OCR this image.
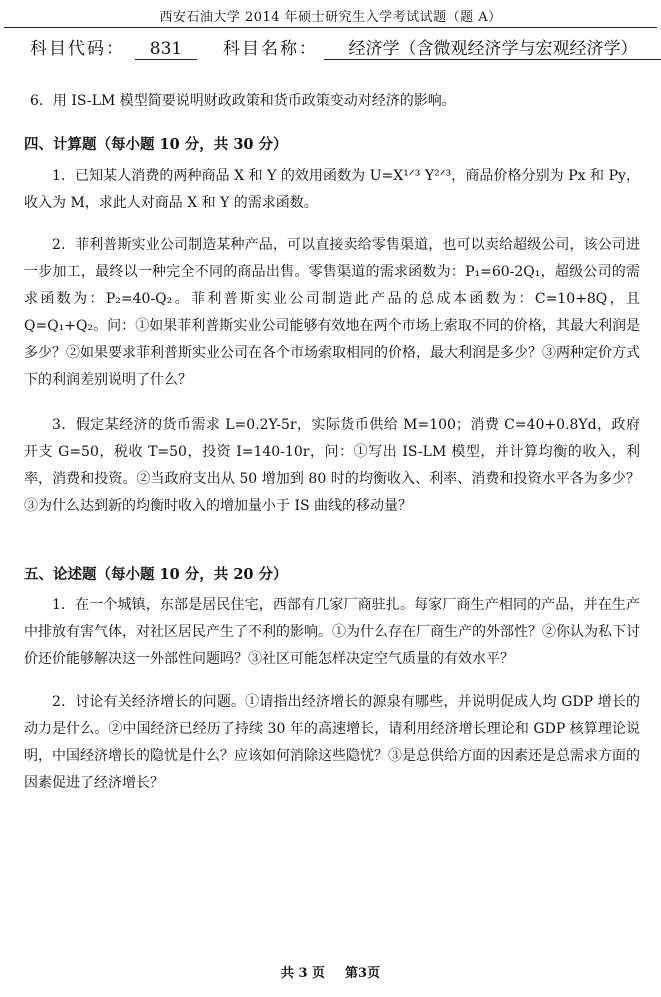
西安石油大学 2014 年硕士研究生入学考试试题（题 A）
科目代码： 831 科目名称： 经济学（含微观经济学与宏观经济学）
6．用 IS-LM 模型简要说明财政政策和货币政策变动对经济的影响。
四、计算题（每小题 10 分，共 30 分）
1．已知某人消费的两种商品 X 和 Y 的效用函数为 U=X¹ᐟ³ Y²ᐟ³，商品价格分别为 Px 和 Py，收入为 M，求此人对商品 X 和 Y 的需求函数。
2．菲利普斯实业公司制造某种产品，可以直接卖给零售渠道，也可以卖给超级公司，该公司进一步加工，最终以一种完全不同的商品出售。零售渠道的需求函数为：P₁=60-2Q₁，超级公司的需求函数为：P₂=40-Q₂。菲利普斯实业公司制造此产品的总成本函数为：C=10+8Q，且 Q=Q₁+Q₂。问：①如果菲利普斯实业公司能够有效地在两个市场上索取不同的价格，其最大利润是多少？②如果要求菲利普斯实业公司在各个市场索取相同的价格，最大利润是多少？③两种定价方式下的利润差别说明了什么？
3．假定某经济的货币需求 L=0.2Y-5r，实际货币供给 M=100；消费 C=40+0.8Yd，政府开支 G=50，税收 T=50，投资 I=140-10r，问：①写出 IS-LM 模型，并计算均衡的收入，利率，消费和投资。②当政府支出从 50 增加到 80 时的均衡收入、利率、消费和投资水平各为多少？③为什么达到新的均衡时收入的增加量小于 IS 曲线的移动量？
五、论述题（每小题 10 分，共 20 分）
1．在一个城镇，东部是居民住宅，西部有几家厂商驻扎。每家厂商生产相同的产品，并在生产中排放有害气体，对社区居民产生了不利的影响。①为什么存在厂商生产的外部性？②你认为私下讨价还价能够解决这一外部性问题吗？③社区可能怎样决定空气质量的有效水平？
2．讨论有关经济增长的问题。①请指出经济增长的源泉有哪些，并说明促成人均 GDP 增长的动力是什么。②中国经济已经历了持续 30 年的高速增长，请利用经济增长理论和 GDP 核算理论说明，中国经济增长的隐忧是什么？应该如何消除这些隐忧？③是总供给方面的因素还是总需求方面的因素促进了经济增长？
共 3 页 第3页
